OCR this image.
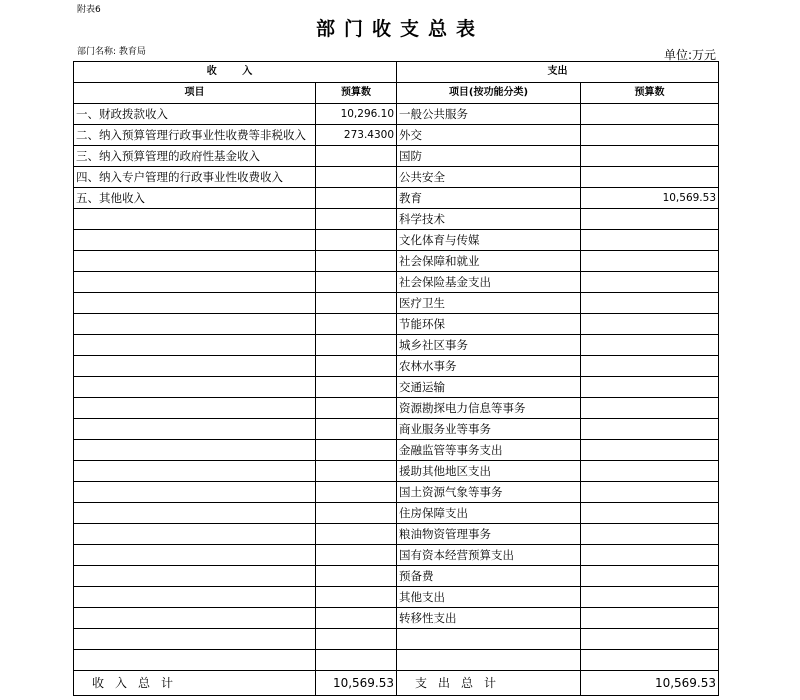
附表6
部门收支总表
部门名称: 教育局	单位:万元
收 入		支出	
项目	预算数	项目(按功能分类)	预算数
一、财政拨款收入	10,296.10	一般公共服务	
二、纳入预算管理行政事业性收费等非税收入	273.4300	外交	
三、纳入预算管理的政府性基金收入		国防	
四、纳入专户管理的行政事业性收费收入		公共安全	
五、其他收入		教育	10,569.53
		科学技术	
		文化体育与传媒	
		社会保障和就业	
		社会保险基金支出	
		医疗卫生	
		节能环保	
		城乡社区事务	
		农林水事务	
		交通运输	
		资源勘探电力信息等事务	
		商业服务业等事务	
		金融监管等事务支出	
		援助其他地区支出	
		国土资源气象等事务	
		住房保障支出	
		粮油物资管理事务	
		国有资本经营预算支出	
		预备费	
		其他支出	
		转移性支出	

收入总计	10,569.53	支出总计	10,569.53
